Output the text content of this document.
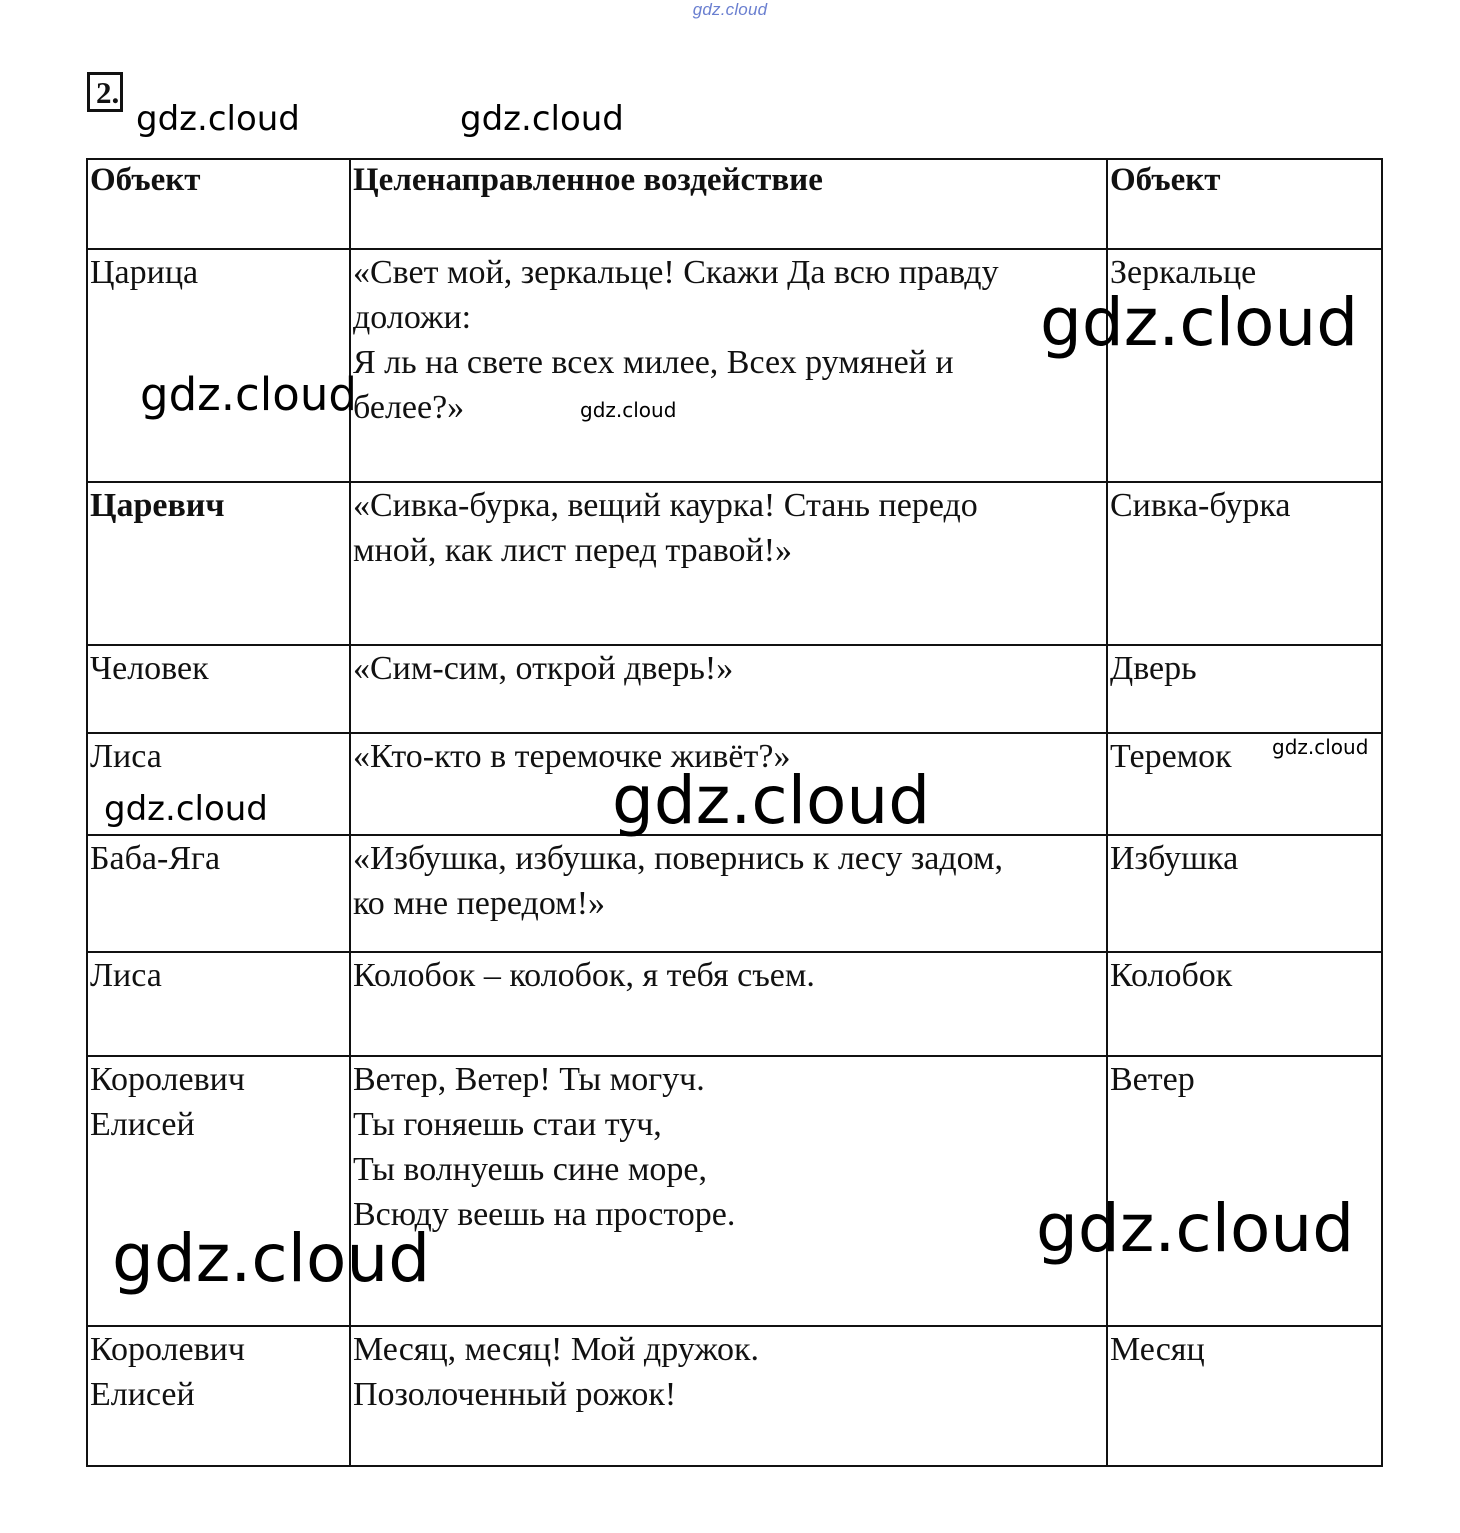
gdz.cloud
2.
gdz.cloud	gdz.cloud
gdz.cloud
gdz.cloud	gdz.cloud
gdz.cloud
gdz.cloud
gdz.cloud
gdz.cloud
gdz.cloud
Объект	Целенаправленное воздействие	Объект

Царица	«Свет мой, зеркальце! Скажи Да всю правду
доложи:
Я ль на свете всех милее, Всех румяней и
белее?»	Зеркальце

Царевич	«Сивка-бурка, вещий каурка! Стань передо
мной, как лист перед травой!»	Сивка-бурка

Человек	«Сим-сим, открой дверь!»	Дверь

Лиса	«Кто-кто в теремочке живёт?»	Теремок

Баба-Яга	«Избушка, избушка, повернись к лесу задом,
ко мне передом!»	Избушка

Лиса	Колобок – колобок, я тебя съем.	Колобок

Королевич
Елисей	Ветер, Ветер! Ты могуч.
Ты гоняешь стаи туч,
Ты волнуешь сине море,
Всюду веешь на просторе.	Ветер

Королевич
Елисей	Месяц, месяц! Мой дружок.
Позолоченный рожок!	Месяц
